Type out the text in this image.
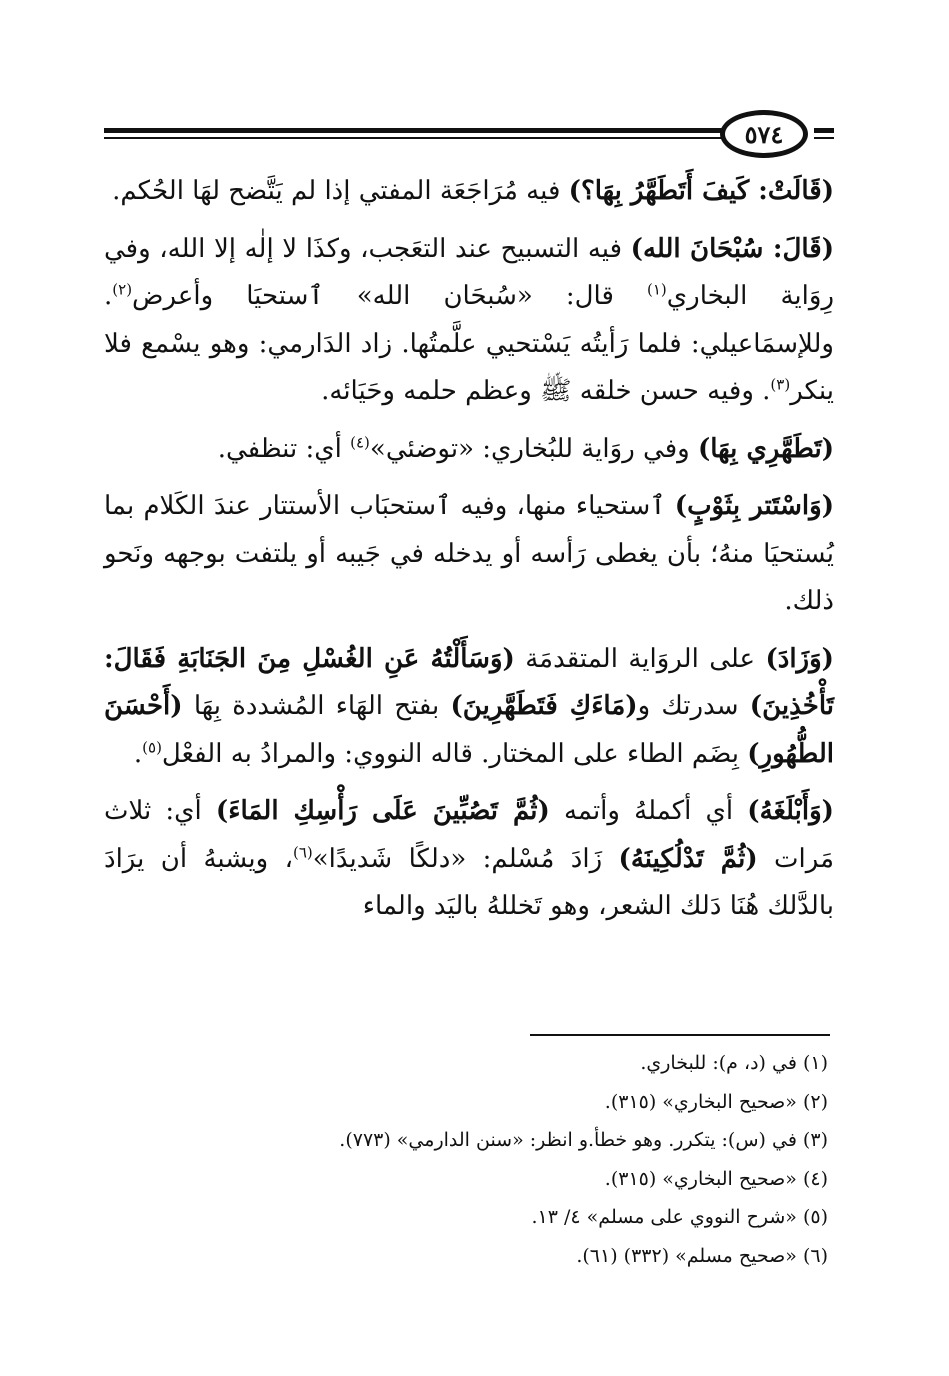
٥٧٤

(قَالَتْ: كَيفَ أَتَطَهَّرُ بِهَا؟) فيه مُرَاجَعَة المفتي إذا لم يَتَّضح لهَا الحُكم.

(قَالَ: سُبْحَانَ الله) فيه التسبيح عند التعَجب، وكذَا لا إلٰه إلا الله، وفي رِوَاية البخاري$^{(١)}$ قال: «سُبحَان الله» ٱستحيَا وأعرض$^{(٢)}$. وللإسمَاعيلي: فلما رَأيتُه يَسْتحيي علَّمتُها. زاد الدَارمي: وهو يسْمع فلا ينكر$^{(٣)}$. وفيه حسن خلقه ﷺ وعظم حلمه وحَيَائه.

(تَطَهَّرِي بِهَا) وفي روَاية للبُخاري: «توضئي»$^{(٤)}$ أي: تنظفي.

(وَاسْتَتر بِثَوْبٍ) ٱستحياء منها، وفيه ٱستحبَاب الأستتار عندَ الكَلام بما يُستحيَا منهُ؛ بأن يغطى رَأسه أو يدخله في جَيبه أو يلتفت بوجهه ونَحو ذلك.

(وَزَادَ) على الروَاية المتقدمَة (وَسَأَلْتُهُ عَنِ الغُسْلِ مِنَ الجَنَابَةِ فَقَالَ: تَأْخُذِينَ) سدرتك و(مَاءَكِ فَتَطَهَّرِينَ) بفتح الهَاء المُشددة بِهَا (أَحْسَنَ الطُّهُورِ) بِضَم الطاء على المختار. قاله النووي: والمرادُ به الفعْل$^{(٥)}$.

(وَأَبْلَغَهُ) أي أكملهُ وأتمه (ثُمَّ تَصُبِّينَ عَلَى رَأْسِكِ المَاءَ) أي: ثلاث مَرات (ثُمَّ تَدْلُكِينَهُ) زَادَ مُسْلم: «دلكًا شَديدًا»$^{(٦)}$، ويشبهُ أن يرَادَ بالدَّلك هُنَا دَلك الشعر، وهو تَخللهُ باليَد والماء

(١) في (د، م): للبخاري.
(٢) «صحيح البخاري» (٣١٥).
(٣) في (س): يتكرر. وهو خطأ.و انظر: «سنن الدارمي» (٧٧٣).
(٤) «صحيح البخاري» (٣١٥).
(٥) «شرح النووي على مسلم» ٤/ ١٣.
(٦) «صحيح مسلم» (٣٣٢) (٦١).
